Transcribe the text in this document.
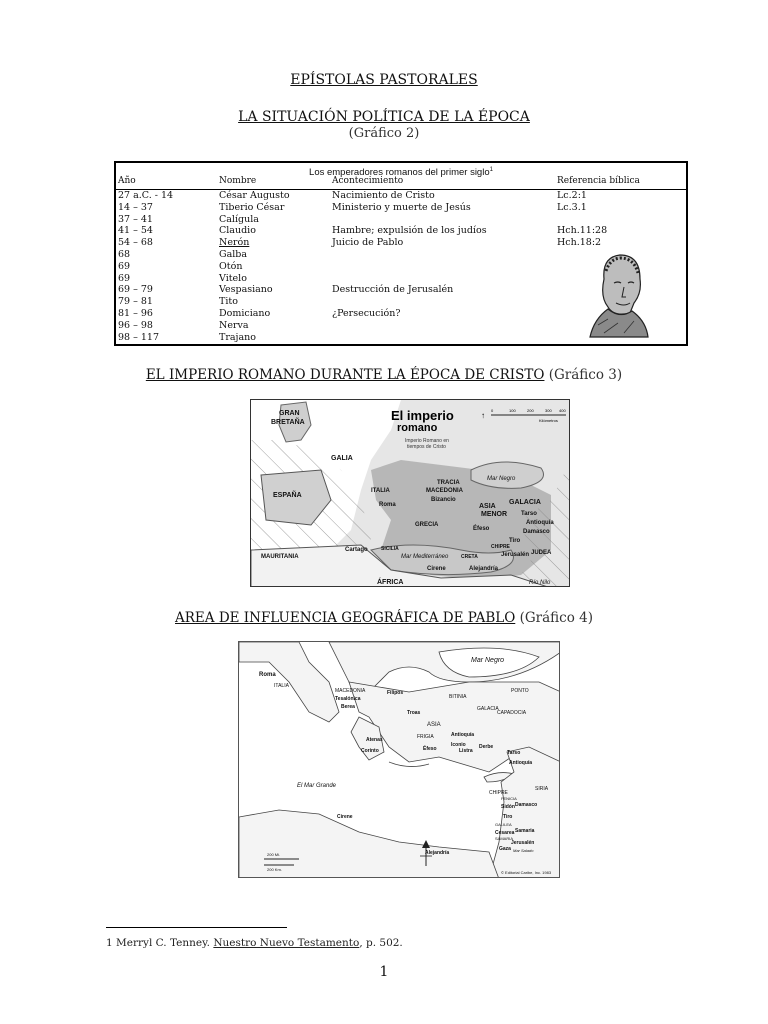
EPÍSTOLAS PASTORALES
LA SITUACIÓN POLÍTICA DE LA ÉPOCA
(Gráfico 2)
Los emperadores romanos del primer siglo$^1$
Año	Nombre	Acontecimiento	Referencia bíblica
27 a.C. - 14	César Augusto	Nacimiento de Cristo	Lc.2:1
14 – 37	Tiberio César	Ministerio y muerte de Jesús	Lc.3.1
37 – 41	Calígula
41 – 54	Claudio	Hambre; expulsión de los judíos	Hch.11:28
54 – 68	Nerón	Juicio de Pablo	Hch.18:2
68	Galba
69	Otón
69	Vitelo
69 – 79	Vespasiano	Destrucción de Jerusalén
79 – 81	Tito
81 – 96	Domiciano	¿Persecución?
96 – 98	Nerva
98 – 117	Trajano
EL IMPERIO ROMANO DURANTE LA ÉPOCA DE CRISTO (Gráfico 3)
El imperio
romano
Imperio Romano en
tiempos de Cristo
0	100	200	300 400
Kilómetros
↑
GRAN
BRETAÑA
GALIA
ESPAÑA
MAURITANIA
ITALIA
Roma
TRACIA
MACEDONIA
Bizancio
Mar Negro
ASIA
MENOR
GALACIA
Tarso
Antioquía
Damasco
GRECIA
Éfeso
CHIPRE
Tiro
Jerusalén JUDEA
Cartago	SICILIA
Mar Mediterráneo	CRETA
Cirene	Alejandría
ÁFRICA	Río Nilo
AREA DE INFLUENCIA GEOGRÁFICA DE PABLO (Gráfico 4)
Mar Negro
Roma
ITALIA
MACEDONIA
Tesalónica
Filipos
Berea
PONTO
BITINIA
Troas
GALACIA
CAPADOCIA
ASIA
FRIGIA	Antioquía
Iconio
Atenas
Corinto	Éfeso	Listra
Derbe
Tarso
Antioquía
El Mar Grande
CHIPRE
SIRIA
FENICIA
Sidón Damasco
Tiro
GALILEA
Cesarea Samaria
SAMARIA
Jerusalén
Mar Salado
Gaza
Cirene
Alejandría
200 Mi.
200 Km.
© Editorial Caribe, Inc. 1983
1 Merryl C. Tenney. Nuestro Nuevo Testamento, p. 502.
1
